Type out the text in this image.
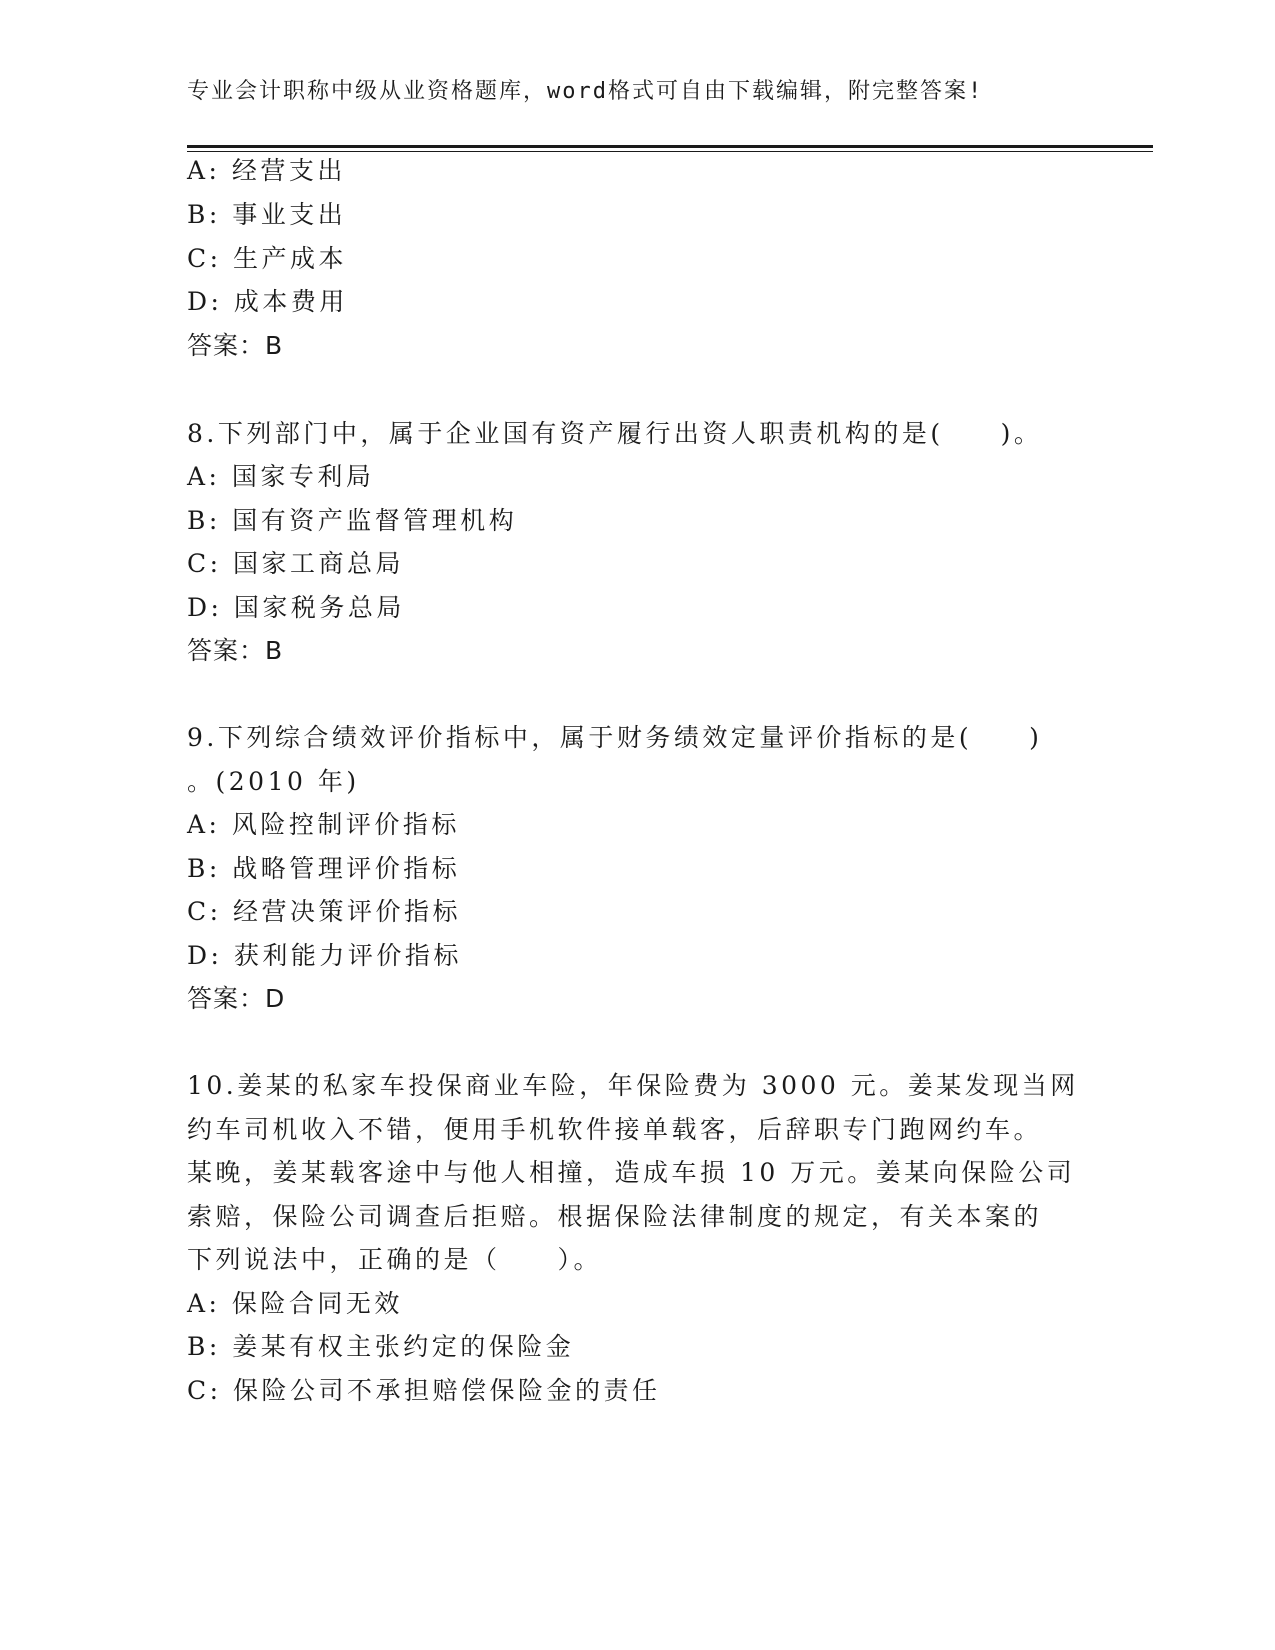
专业会计职称中级从业资格题库，word格式可自由下载编辑，附完整答案!
A: 经营支出
B: 事业支出
C: 生产成本
D: 成本费用
答案：B
8.下列部门中，属于企业国有资产履行出资人职责机构的是(　　)。
A: 国家专利局
B: 国有资产监督管理机构
C: 国家工商总局
D: 国家税务总局
答案：B
9.下列综合绩效评价指标中，属于财务绩效定量评价指标的是(　　)
。(2010 年)
A: 风险控制评价指标
B: 战略管理评价指标
C: 经营决策评价指标
D: 获利能力评价指标
答案：D
10.姜某的私家车投保商业车险，年保险费为 3000 元。姜某发现当网
约车司机收入不错，便用手机软件接单载客，后辞职专门跑网约车。
某晚，姜某载客途中与他人相撞，造成车损 10 万元。姜某向保险公司
索赔，保险公司调查后拒赔。根据保险法律制度的规定，有关本案的
下列说法中，正确的是（　　）。
A: 保险合同无效
B: 姜某有权主张约定的保险金
C: 保险公司不承担赔偿保险金的责任
